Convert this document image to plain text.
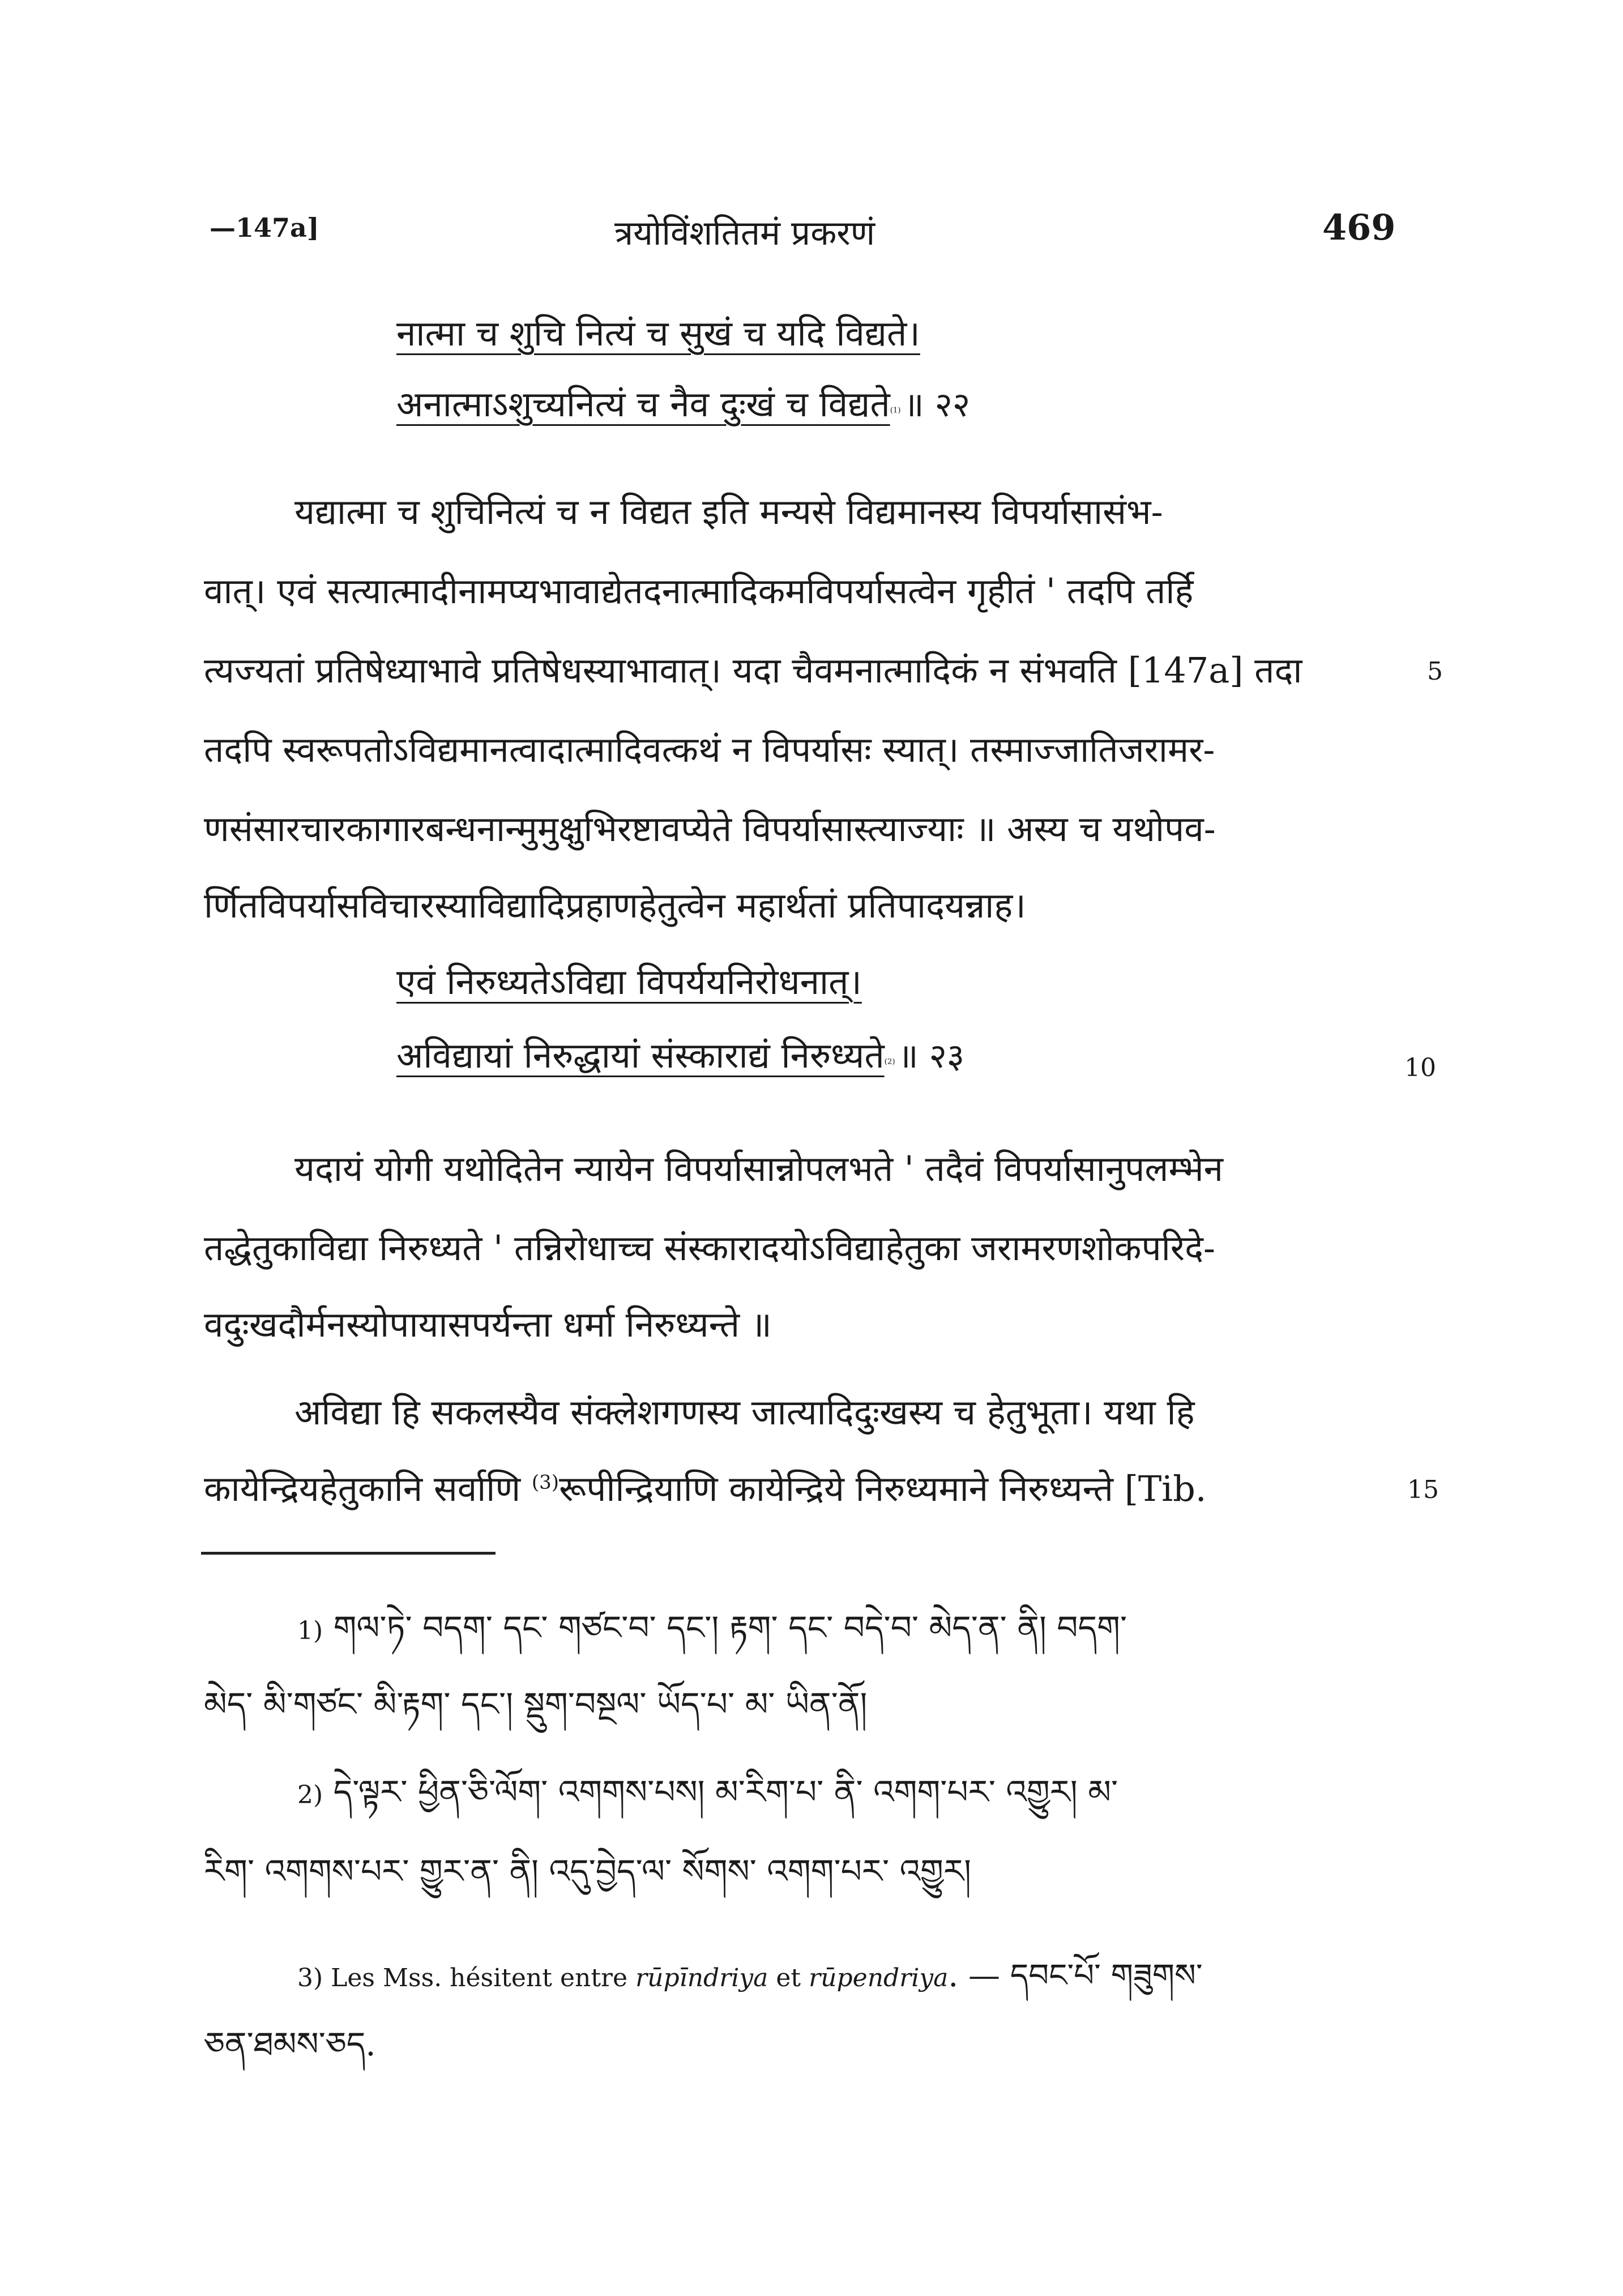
—147a]	त्रयोविंशतितमं प्रकरणं	469
नात्मा च शुचि नित्यं च सुखं च यदि विद्यते।
अनात्माऽशुच्यनित्यं च नैव दुःखं च विद्यते$^{(1)}$ ॥ २२
यद्यात्मा च शुचिनित्यं च न विद्यत इति मन्यसे विद्यमानस्य विपर्यासासंभ-
वात्। एवं सत्यात्मादीनामप्यभावाद्येतदनात्मादिकमविपर्यासत्वेन गृहीतं ' तदपि तर्हि
त्यज्यतां प्रतिषेध्याभावे प्रतिषेधस्याभावात्। यदा चैवमनात्मादिकं न संभवति [147a] तदा	5
तदपि स्वरूपतोऽविद्यमानत्वादात्मादिवत्कथं न विपर्यासः स्यात्। तस्माज्जातिजरामर-
णसंसारचारकागारबन्धनान्मुमुक्षुभिरष्टावप्येते विपर्यासास्त्याज्याः ॥ अस्य च यथोपव-
र्णितविपर्यासविचारस्याविद्यादिप्रहाणहेतुत्वेन महार्थतां प्रतिपादयन्नाह।
एवं निरुध्यतेऽविद्या विपर्ययनिरोधनात्।
अविद्यायां निरुद्धायां संस्काराद्यं निरुध्यते$^{(2)}$ ॥ २३	10
यदायं योगी यथोदितेन न्यायेन विपर्यासान्नोपलभते ' तदैवं विपर्यासानुपलम्भेन
तद्धेतुकाविद्या निरुध्यते ' तन्निरोधाच्च संस्कारादयोऽविद्याहेतुका जरामरणशोकपरिदे-
वदुःखदौर्मनस्योपायासपर्यन्ता धर्मा निरुध्यन्ते ॥
अविद्या हि सकलस्यैव संक्लेशगणस्य जात्यादिदुःखस्य च हेतुभूता। यथा हि
कायेन्द्रियहेतुकानि सर्वाणि $^{(3)}$रूपीन्द्रियाणि कायेन्द्रिये निरुध्यमाने निरुध्यन्ते [Tib.	15
1) གལ་ཏེ་ བདག་ དང་ གཙང་བ་ དང་། རྟག་ དང་ བདེ་བ་ མེད་ན་ ནི། བདག་
མེད་ མི་གཙང་ མི་རྟག་ དང་། སྡུག་བསྔལ་ ཡོད་པ་ མ་ ཡིན་ནོ།
2) དེ་ལྟར་ ཕྱིན་ཅི་ལོག་ འགགས་པས། མ་རིག་པ་ ནི་ འགག་པར་ འགྱུར། མ་
རིག་ འགགས་པར་ གྱུར་ན་ ནི། འདུ་བྱེད་ལ་ སོགས་ འགག་པར་ འགྱུར།
3) Les Mss. hésitent entre rūpīndriya et rūpendriya. — དབང་པོ་ གཟུགས་
ཅན་ཐམས་ཅད.
